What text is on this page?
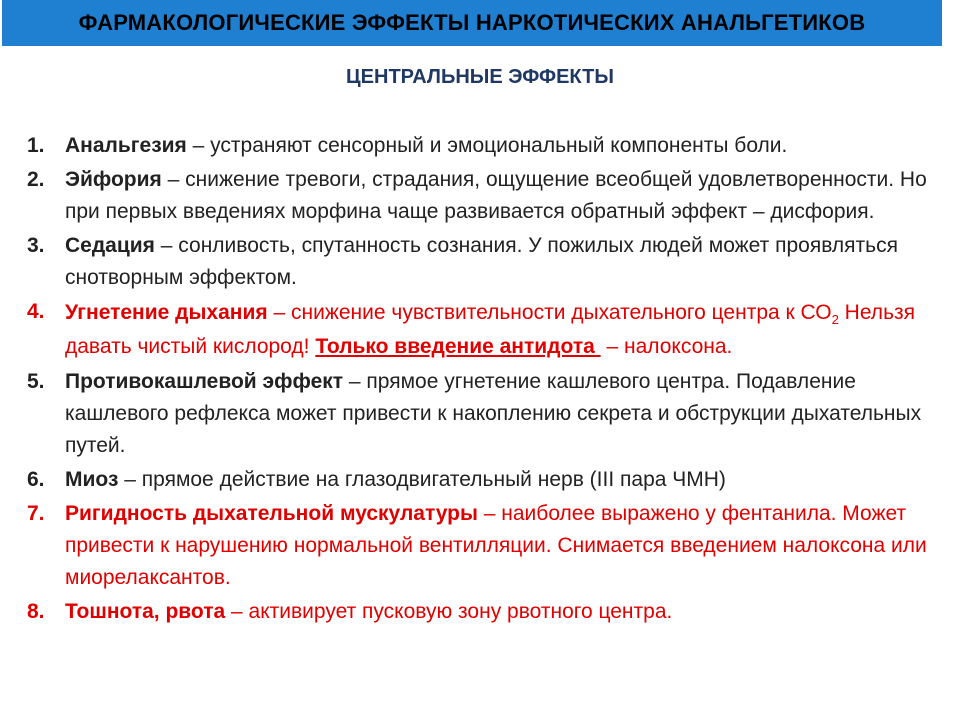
ФАРМАКОЛОГИЧЕСКИЕ ЭФФЕКТЫ НАРКОТИЧЕСКИХ АНАЛЬГЕТИКОВ
ЦЕНТРАЛЬНЫЕ ЭФФЕКТЫ
1. Анальгезия – устраняют сенсорный и эмоциональный компоненты боли.
2. Эйфория – снижение тревоги, страдания, ощущение всеобщей удовлетворенности. Но при первых введениях морфина чаще развивается обратный эффект – дисфория.
3. Седация – сонливость, спутанность сознания. У пожилых людей может проявляться снотворным эффектом.
4. Угнетение дыхания – снижение чувствительности дыхательного центра к $СО_2$ Нельзя давать чистый кислород! Только введение антидота  – налоксона.
5. Противокашлевой эффект – прямое угнетение кашлевого центра. Подавление кашлевого рефлекса может привести к накоплению секрета и обструкции дыхательных путей.
6. Миоз – прямое действие на глазодвигательный нерв (III пара ЧМН)
7. Ригидность дыхательной мускулатуры – наиболее выражено у фентанила. Может привести к нарушению нормальной вентилляции. Снимается введением налоксона или миорелаксантов.
8. Тошнота, рвота – активирует пусковую зону рвотного центра.
